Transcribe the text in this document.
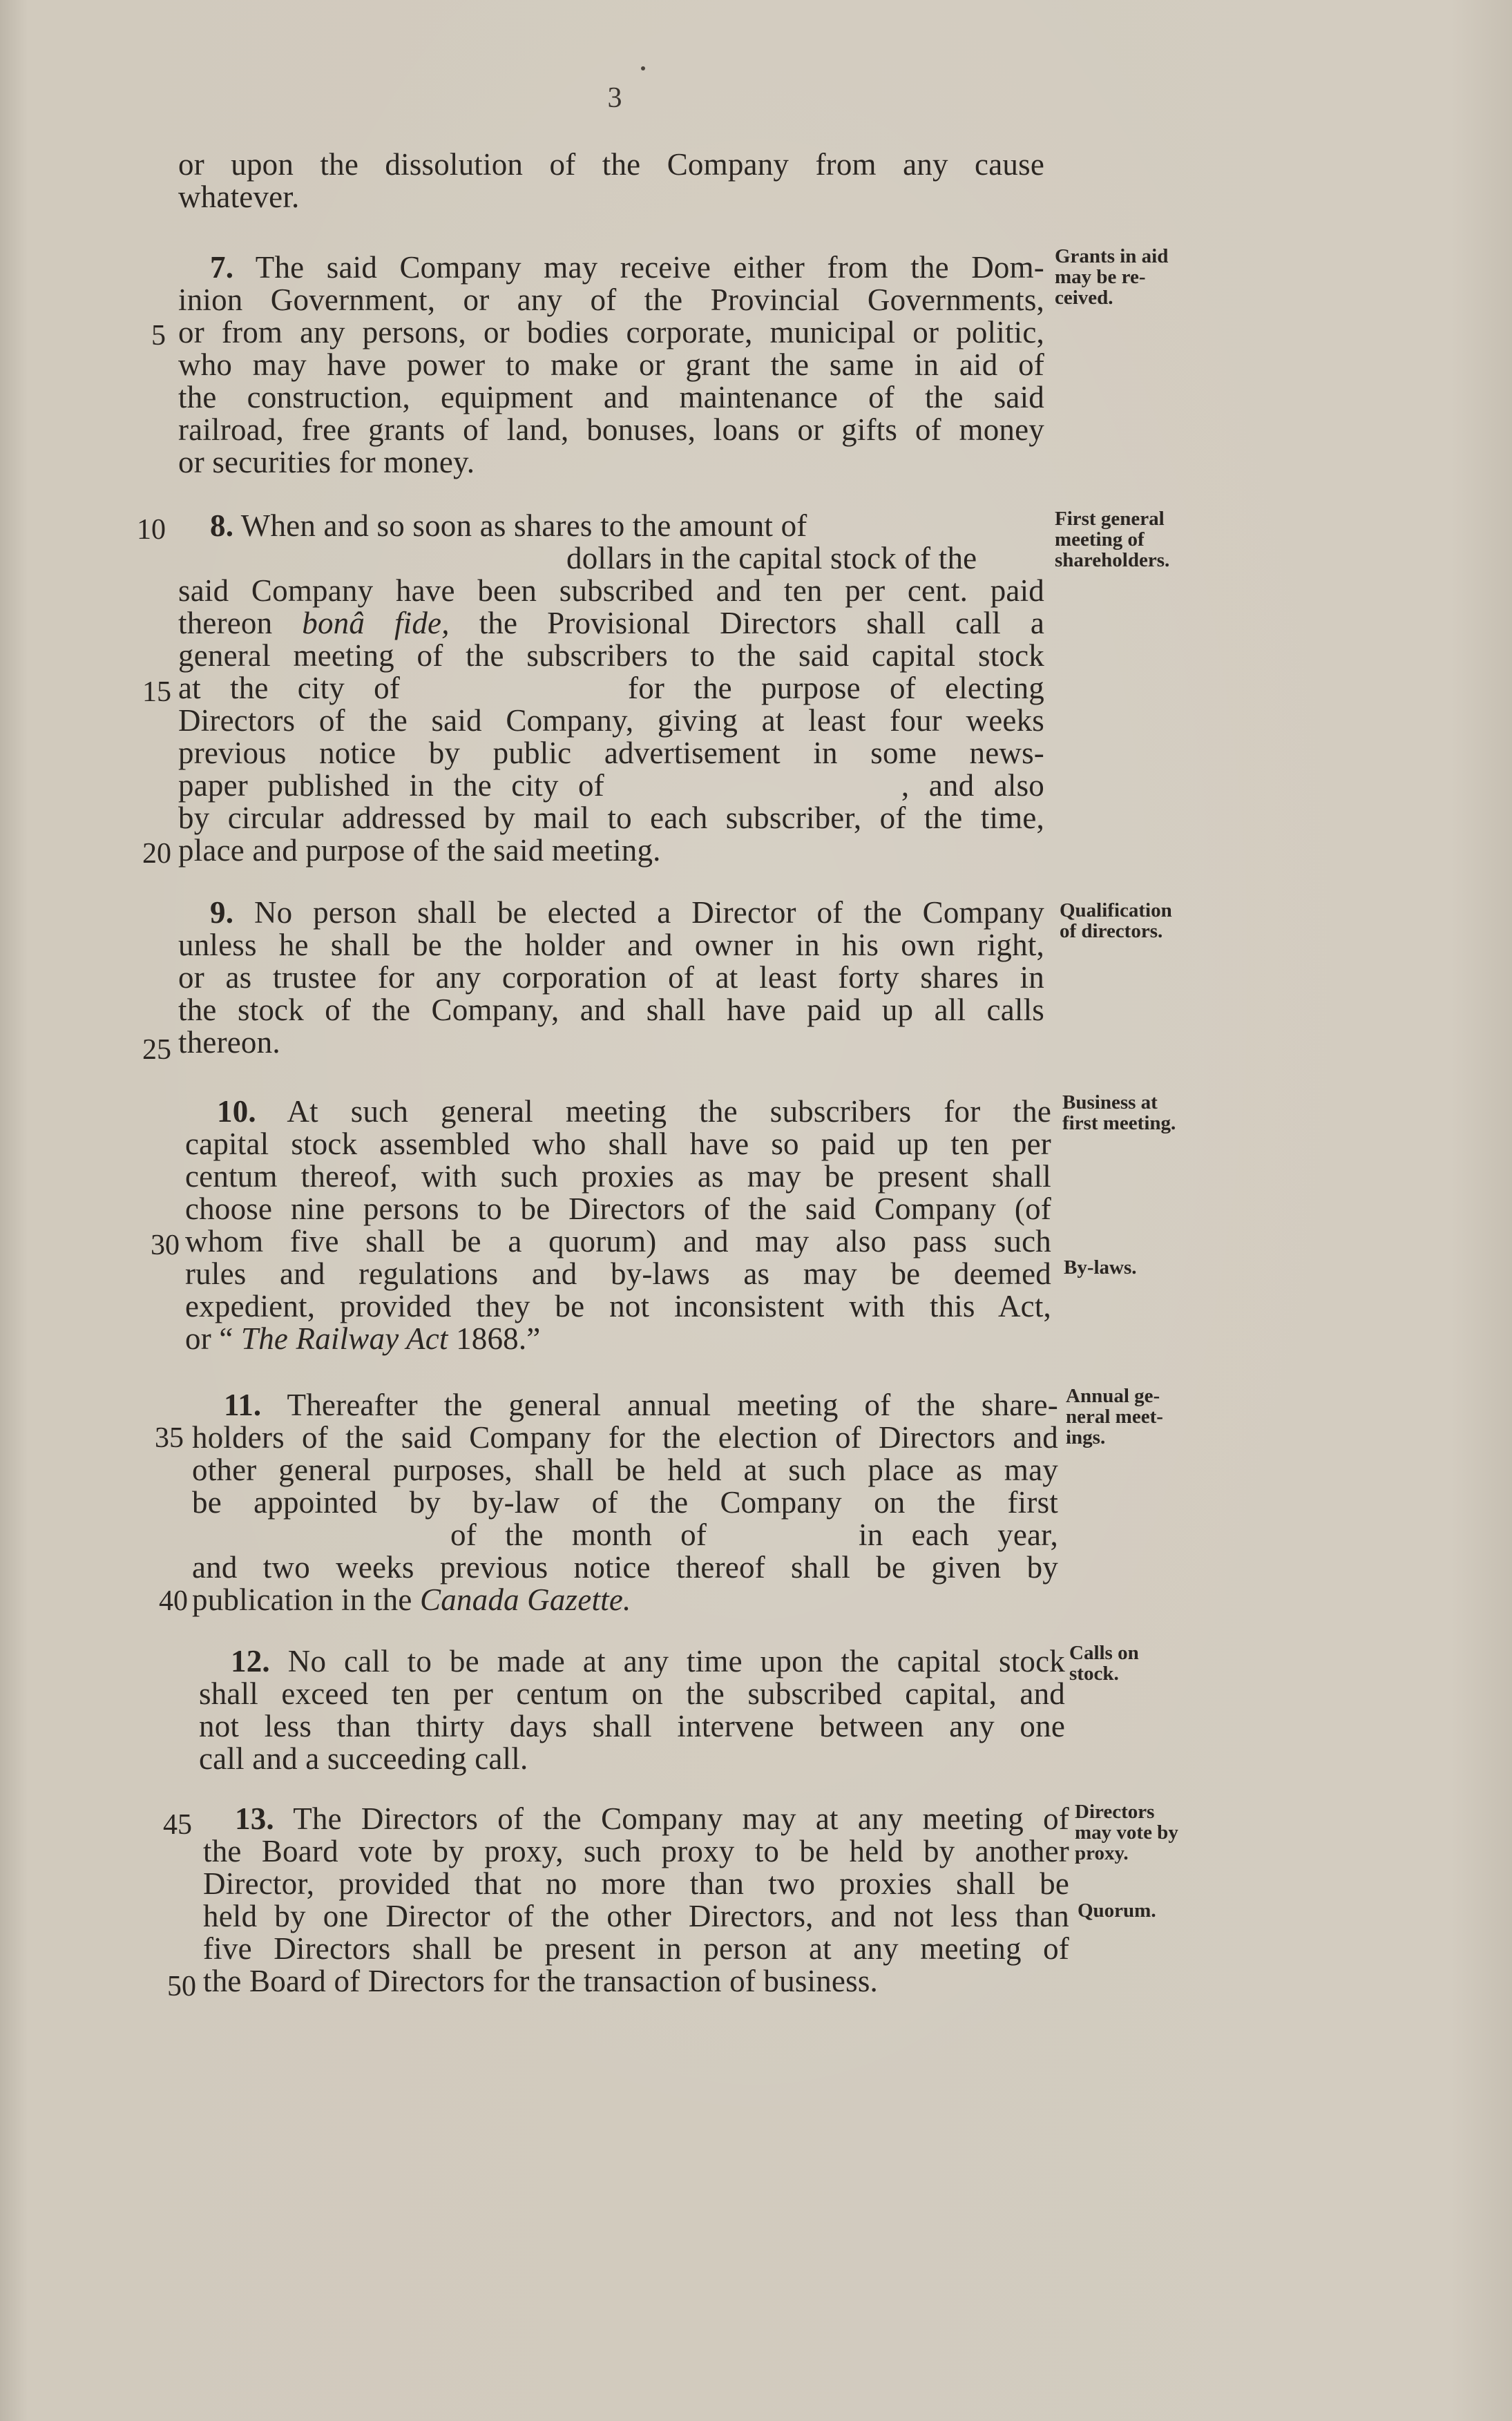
3
or upon the dissolution of the Company from any cause
whatever.
7. The said Company may receive either from the Dom-
inion Government, or any of the Provincial Governments,
or from any persons, or bodies corporate, municipal or politic,
who may have power to make or grant the same in aid of
the construction, equipment and maintenance of the said
railroad, free grants of land, bonuses, loans or gifts of money
or securities for money.
Grants in aid
may be re-
ceived.
8. When and so soon as shares to the amount of
dollars in the capital stock of the
said Company have been subscribed and ten per cent. paid
thereon bonâ fide, the Provisional Directors shall call a
general meeting of the subscribers to the said capital stock
at the city of	for the purpose of electing
Directors of the said Company, giving at least four weeks
previous notice by public advertisement in some news-
paper published in the city of	, and also
by circular addressed by mail to each subscriber, of the time,
place and purpose of the said meeting.
First general
meeting of
shareholders.
9. No person shall be elected a Director of the Company
unless he shall be the holder and owner in his own right,
or as trustee for any corporation of at least forty shares in
the stock of the Company, and shall have paid up all calls
thereon.
Qualification
of directors.
10. At such general meeting the subscribers for the
capital stock assembled who shall have so paid up ten per
centum thereof, with such proxies as may be present shall
choose nine persons to be Directors of the said Company (of
whom five shall be a quorum) and may also pass such
rules and regulations and by-laws as may be deemed
expedient, provided they be not inconsistent with this Act,
or “ The Railway Act 1868.”
Business at
first meeting.
By-laws.
11. Thereafter the general annual meeting of the share-
holders of the said Company for the election of Directors and
other general purposes, shall be held at such place as may
be appointed by by-law of the Company on the first
of the month of	in each year,
and two weeks previous notice thereof shall be given by
publication in the Canada Gazette.
Annual ge-
neral meet-
ings.
12. No call to be made at any time upon the capital stock
shall exceed ten per centum on the subscribed capital, and
not less than thirty days shall intervene between any one
call and a succeeding call.
Calls on
stock.
13. The Directors of the Company may at any meeting of
the Board vote by proxy, such proxy to be held by another
Director, provided that no more than two proxies shall be
held by one Director of the other Directors, and not less than
five Directors shall be present in person at any meeting of
the Board of Directors for the transaction of business.
Directors
may vote by
proxy.
Quorum.
5
10
15
20
25
30
35
40
45
50
